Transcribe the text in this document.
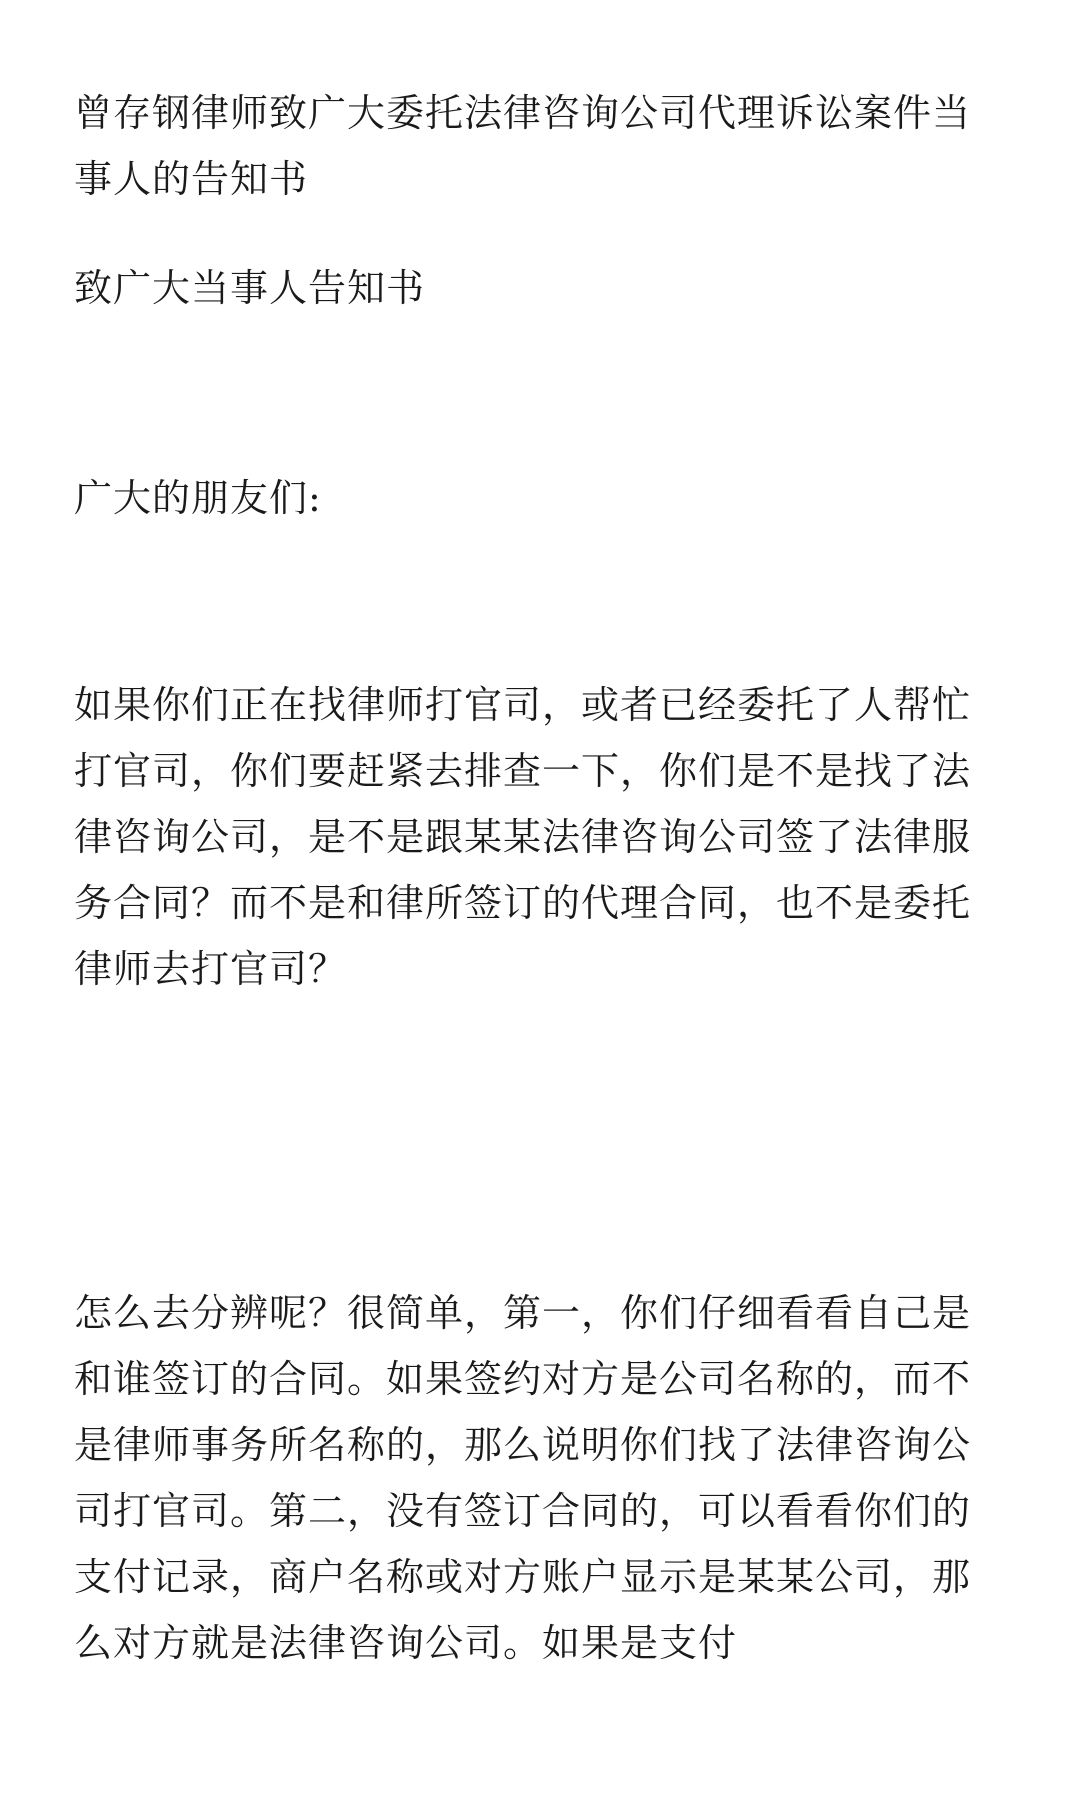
曾存钢律师致广大委托法律咨询公司代理诉讼案件当事人的告知书
致广大当事人告知书
广大的朋友们:
如果你们正在找律师打官司，或者已经委托了人帮忙打官司，你们要赶紧去排查一下，你们是不是找了法律咨询公司，是不是跟某某法律咨询公司签了法律服务合同？而不是和律所签订的代理合同，也不是委托律师去打官司？
怎么去分辨呢？很简单，第一，你们仔细看看自己是和谁签订的合同。如果签约对方是公司名称的，而不是律师事务所名称的，那么说明你们找了法律咨询公司打官司。第二，没有签订合同的，可以看看你们的支付记录，商户名称或对方账户显示是某某公司，那么对方就是法律咨询公司。如果是支付
